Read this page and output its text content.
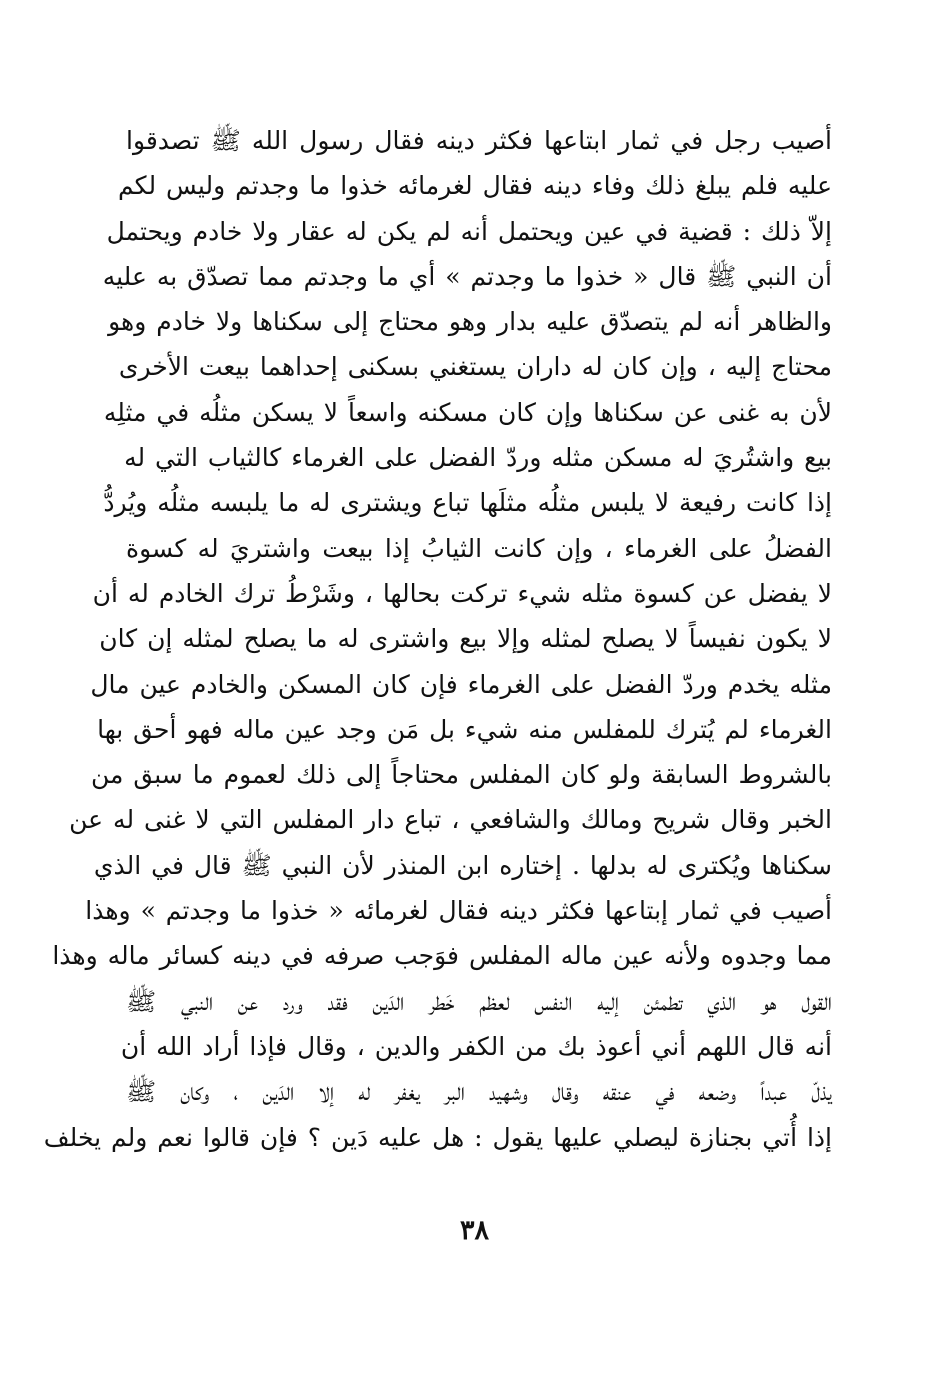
أصيب رجل في ثمار ابتاعها فكثر دينه فقال رسول الله ﷺ تصدقوا
عليه فلم يبلغ ذلك وفاء دينه فقال لغرمائه خذوا ما وجدتم وليس لكم
إلاّ ذلك : قضية في عين ويحتمل أنه لم يكن له عقار ولا خادم ويحتمل
أن النبي ﷺ قال « خذوا ما وجدتم » أي ما وجدتم مما تصدّق به عليه
والظاهر أنه لم يتصدّق عليه بدار وهو محتاج إلى سكناها ولا خادم وهو
محتاج إليه ، وإن كان له داران يستغني بسكنى إحداهما بيعت الأخرى
لأن به غنى عن سكناها وإن كان مسكنه واسعاً لا يسكن مثلُه في مثلِه
بيع واشتُريَ له مسكن مثله وردّ الفضل على الغرماء كالثياب التي له
إذا كانت رفيعة لا يلبس مثلُه مثلَها تباع ويشترى له ما يلبسه مثلُه ويُردُّ
الفضلُ على الغرماء ، وإن كانت الثيابُ إذا بيعت واشتريَ له كسوة
لا يفضل عن كسوة مثله شيء تركت بحالها ، وشَرْطُ ترك الخادم له أن
لا يكون نفيساً لا يصلح لمثله وإلا بيع واشترى له ما يصلح لمثله إن كان
مثله يخدم وردّ الفضل على الغرماء فإن كان المسكن والخادم عين مال
الغرماء لم يُترك للمفلس منه شيء بل مَن وجد عين ماله فهو أحق بها
بالشروط السابقة ولو كان المفلس محتاجاً إلى ذلك لعموم ما سبق من
الخبر وقال شريح ومالك والشافعي ، تباع دار المفلس التي لا غنى له عن
سكناها ويُكترى له بدلها . إختاره ابن المنذر لأن النبي ﷺ قال في الذي
أصيب في ثمار إبتاعها فكثر دينه فقال لغرمائه « خذوا ما وجدتم » وهذا
مما وجدوه ولأنه عين ماله المفلس فوَجب صرفه في دينه كسائر ماله وهذا
القول هو الذي تطمئن إليه النفس لعظم خَطر الدَين فقد ورد عن النبي ﷺ
أنه قال اللهم أني أعوذ بك من الكفر والدين ، وقال فإذا أراد الله أن
يذلّ عبداً وضعه في عنقه وقال وشهيد البر يغفر له إلا الدَين ، وكان ﷺ
إذا أُتي بجنازة ليصلي عليها يقول : هل عليه دَين ؟ فإن قالوا نعم ولم يخلف
٣٨
